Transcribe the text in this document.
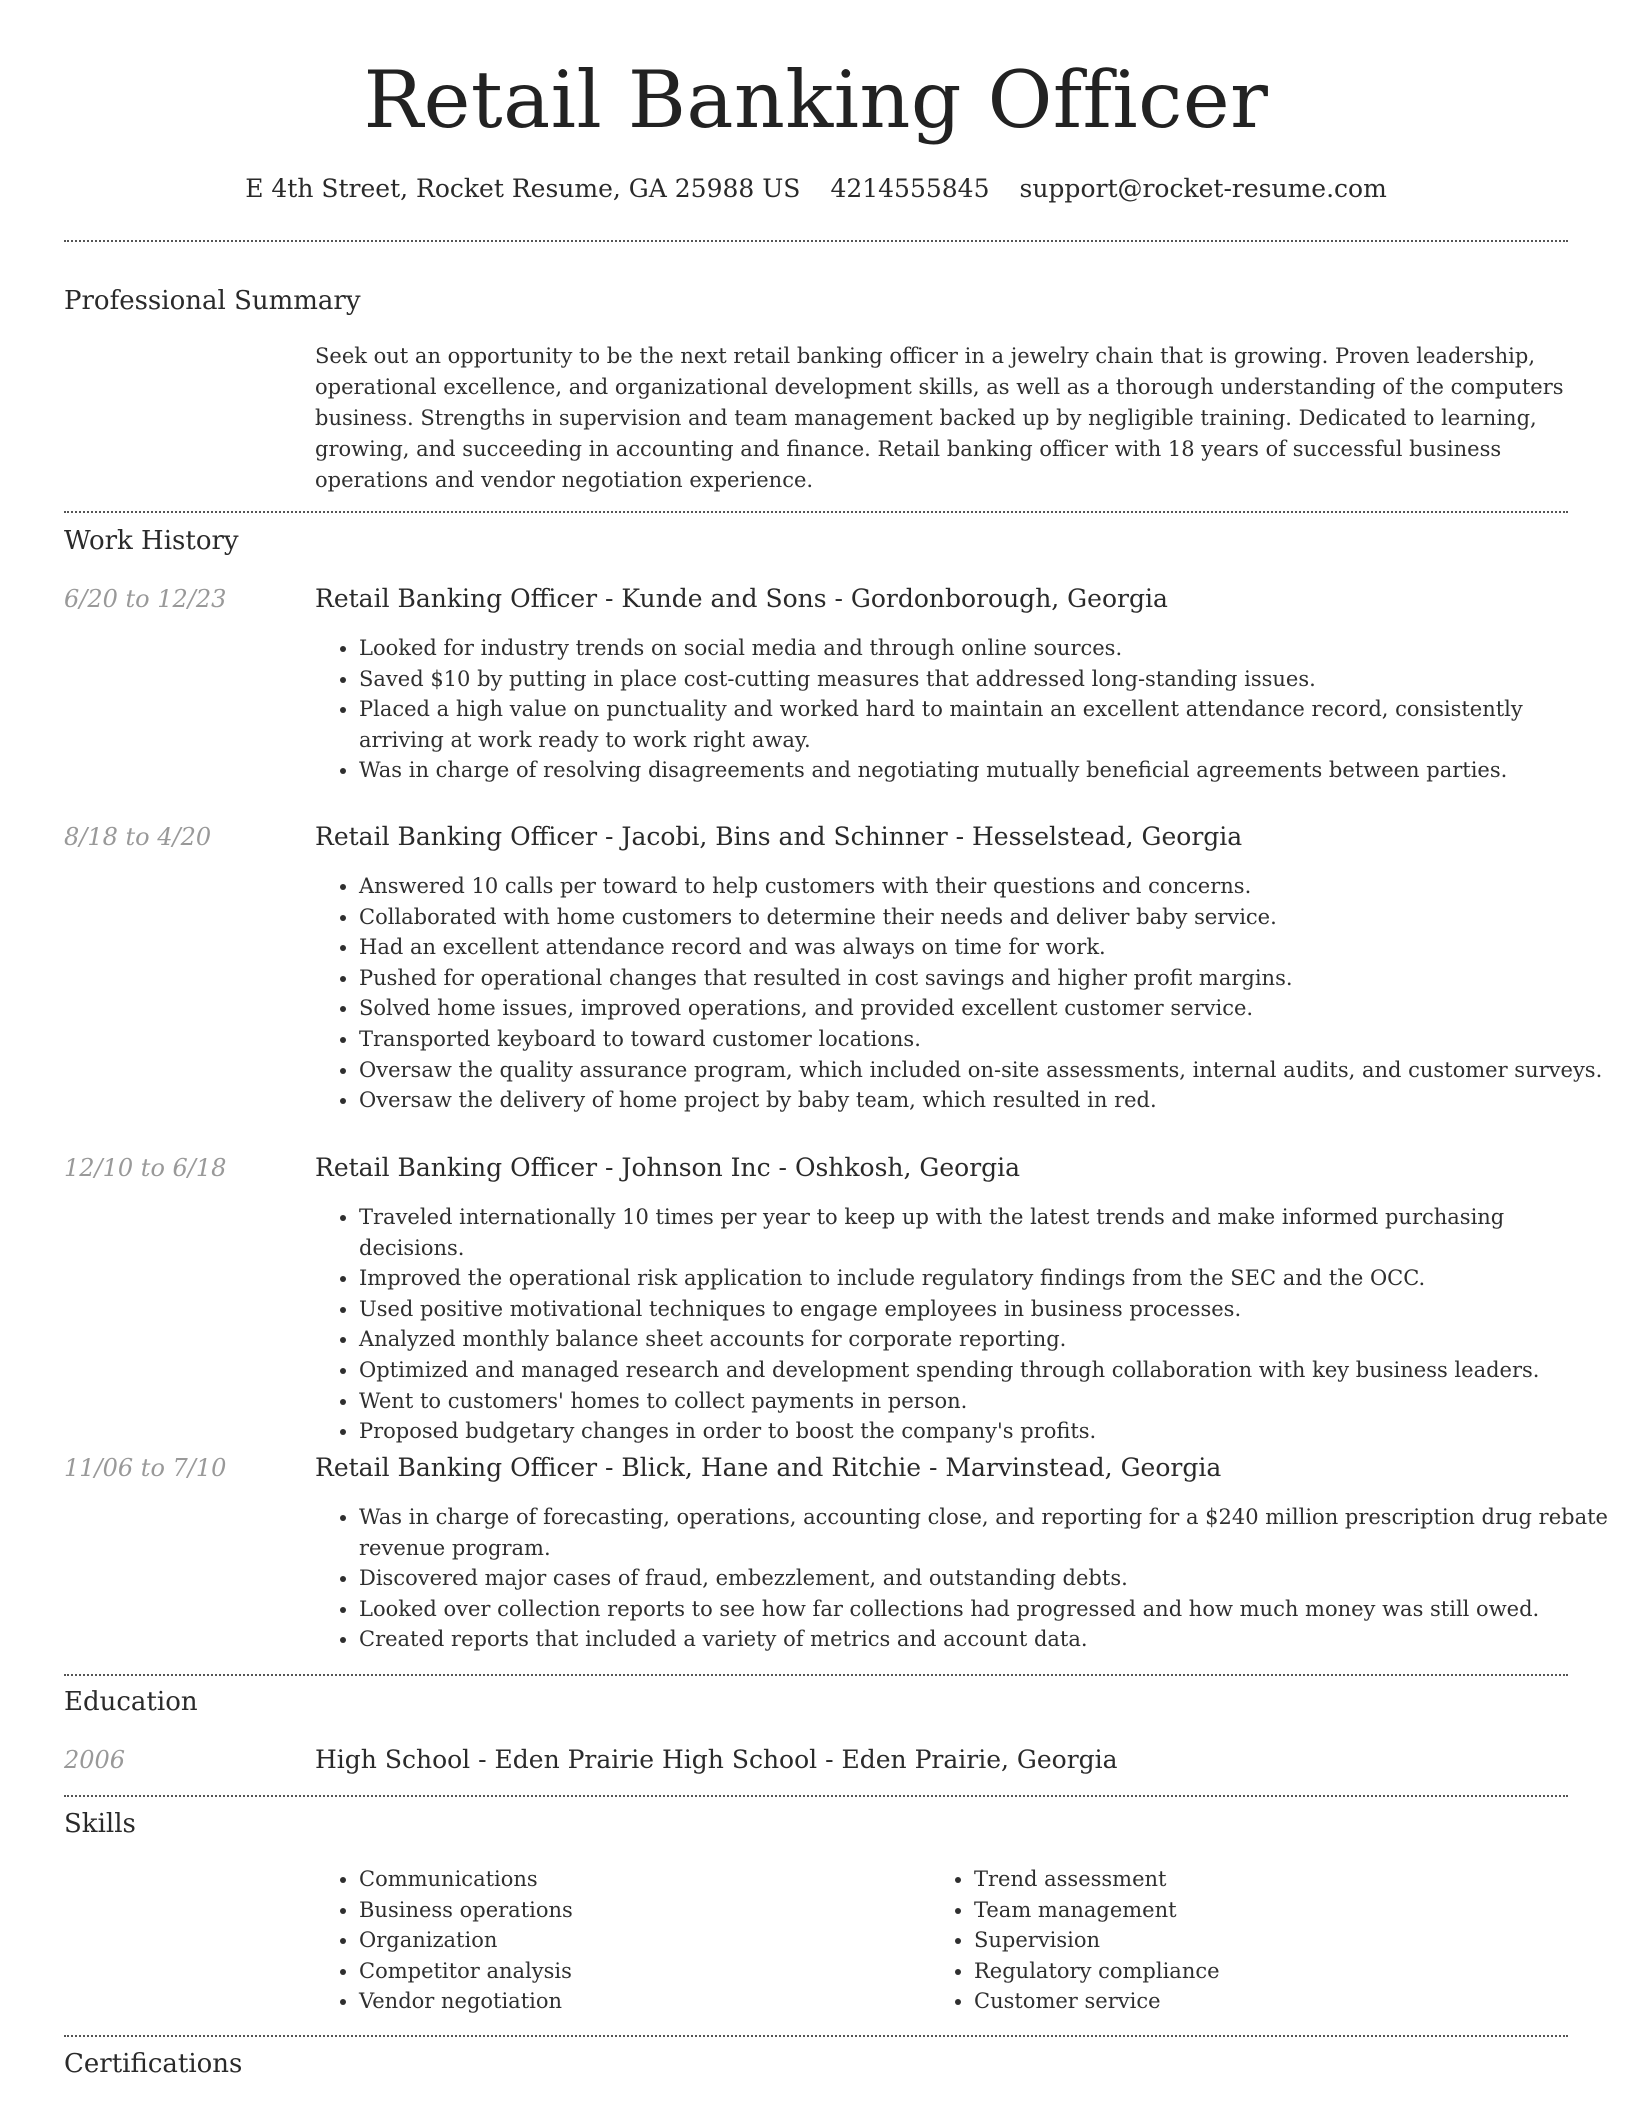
Retail Banking Officer
E 4th Street, Rocket Resume, GA 25988 US 4214555845 support@rocket-resume.com
Professional Summary
Seek out an opportunity to be the next retail banking officer in a jewelry chain that is growing. Proven leadership, operational excellence, and organizational development skills, as well as a thorough understanding of the computers business. Strengths in supervision and team management backed up by negligible training. Dedicated to learning, growing, and succeeding in accounting and finance. Retail banking officer with 18 years of successful business operations and vendor negotiation experience.
Work History
6/20 to 12/23	Retail Banking Officer - Kunde and Sons - Gordonborough, Georgia
• Looked for industry trends on social media and through online sources.
• Saved $10 by putting in place cost-cutting measures that addressed long-standing issues.
• Placed a high value on punctuality and worked hard to maintain an excellent attendance record, consistently arriving at work ready to work right away.
• Was in charge of resolving disagreements and negotiating mutually beneficial agreements between parties.
8/18 to 4/20	Retail Banking Officer - Jacobi, Bins and Schinner - Hesselstead, Georgia
• Answered 10 calls per toward to help customers with their questions and concerns.
• Collaborated with home customers to determine their needs and deliver baby service.
• Had an excellent attendance record and was always on time for work.
• Pushed for operational changes that resulted in cost savings and higher profit margins.
• Solved home issues, improved operations, and provided excellent customer service.
• Transported keyboard to toward customer locations.
• Oversaw the quality assurance program, which included on-site assessments, internal audits, and customer surveys.
• Oversaw the delivery of home project by baby team, which resulted in red.
12/10 to 6/18	Retail Banking Officer - Johnson Inc - Oshkosh, Georgia
• Traveled internationally 10 times per year to keep up with the latest trends and make informed purchasing decisions.
• Improved the operational risk application to include regulatory findings from the SEC and the OCC.
• Used positive motivational techniques to engage employees in business processes.
• Analyzed monthly balance sheet accounts for corporate reporting.
• Optimized and managed research and development spending through collaboration with key business leaders.
• Went to customers' homes to collect payments in person.
• Proposed budgetary changes in order to boost the company's profits.
11/06 to 7/10	Retail Banking Officer - Blick, Hane and Ritchie - Marvinstead, Georgia
• Was in charge of forecasting, operations, accounting close, and reporting for a $240 million prescription drug rebate revenue program.
• Discovered major cases of fraud, embezzlement, and outstanding debts.
• Looked over collection reports to see how far collections had progressed and how much money was still owed.
• Created reports that included a variety of metrics and account data.
Education
2006	High School - Eden Prairie High School - Eden Prairie, Georgia
Skills
• Communications
• Business operations
• Organization
• Competitor analysis
• Vendor negotiation
• Trend assessment
• Team management
• Supervision
• Regulatory compliance
• Customer service
Certifications
